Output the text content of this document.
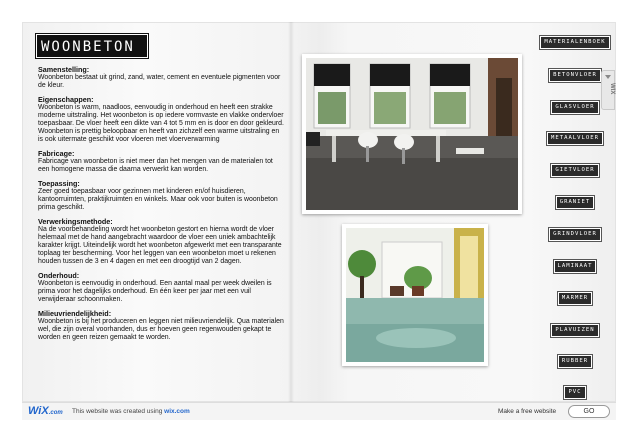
WOONBETON
Samenstelling:

Woonbeton bestaat uit grind, zand, water, cement en eventuele pigmenten voor de kleur.

Eigenschappen:

Woonbeton is warm, naadloos, eenvoudig in onderhoud en heeft een strakke moderne uitstraling. Het woonbeton is op iedere vormvaste en vlakke ondervloer toepasbaar. De vloer heeft een dikte van 4 tot 5 mm en is door en door gekleurd. Woonbeton is prettig beloopbaar en heeft van zichzelf een warme uitstraling en is ook uitermate geschikt voor vloeren met vloerverwarming

Fabricage:

Fabricage van woonbeton is niet meer dan het mengen van de materialen tot een homogene massa die daarna verwerkt kan worden.

Toepassing:

Zeer goed toepasbaar voor gezinnen met kinderen en/of huisdieren, kantoorruimten, praktijkruimten en winkels. Maar ook voor buiten is woonbeton prima geschikt.

Verwerkingsmethode:

Na de voorbehandeling wordt het woonbeton gestort en hierna wordt de vloer helemaal met de hand aangebracht waardoor de vloer een uniek ambachtelijk karakter krijgt. Uiteindelijk wordt het woonbeton afgewerkt met een transparante toplaag ter bescherming. Voor het leggen van een woonbeton moet u rekenen houden tussen de 3 en 4 dagen en met een droogtijd van 2 dagen.

Onderhoud:

Woonbeton is eenvoudig in onderhoud. Een aantal maal per week dweilen is prima voor het dagelijks onderhoud. En één keer per jaar met een vuil verwijderaar schoonmaken.

Milieuvriendelijkheid:

Woonbeton is bij het produceren en leggen niet milieuvriendelijk. Qua materialen wel, die zijn overal voorhanden, dus er hoeven geen regenwouden gekapt te worden en geen reizen gemaakt te worden.

MATERIALENBOEK
BETONVLOER
GLASVLOER
METAALVLOER
GIETVLOER
GRANIET
GRINDVLOER
LAMINAAT
MARMER
PLAVUIZEN
RUBBER
PVC
WIX
WiX.com This website was created using wix.com	Make a free website	GO
